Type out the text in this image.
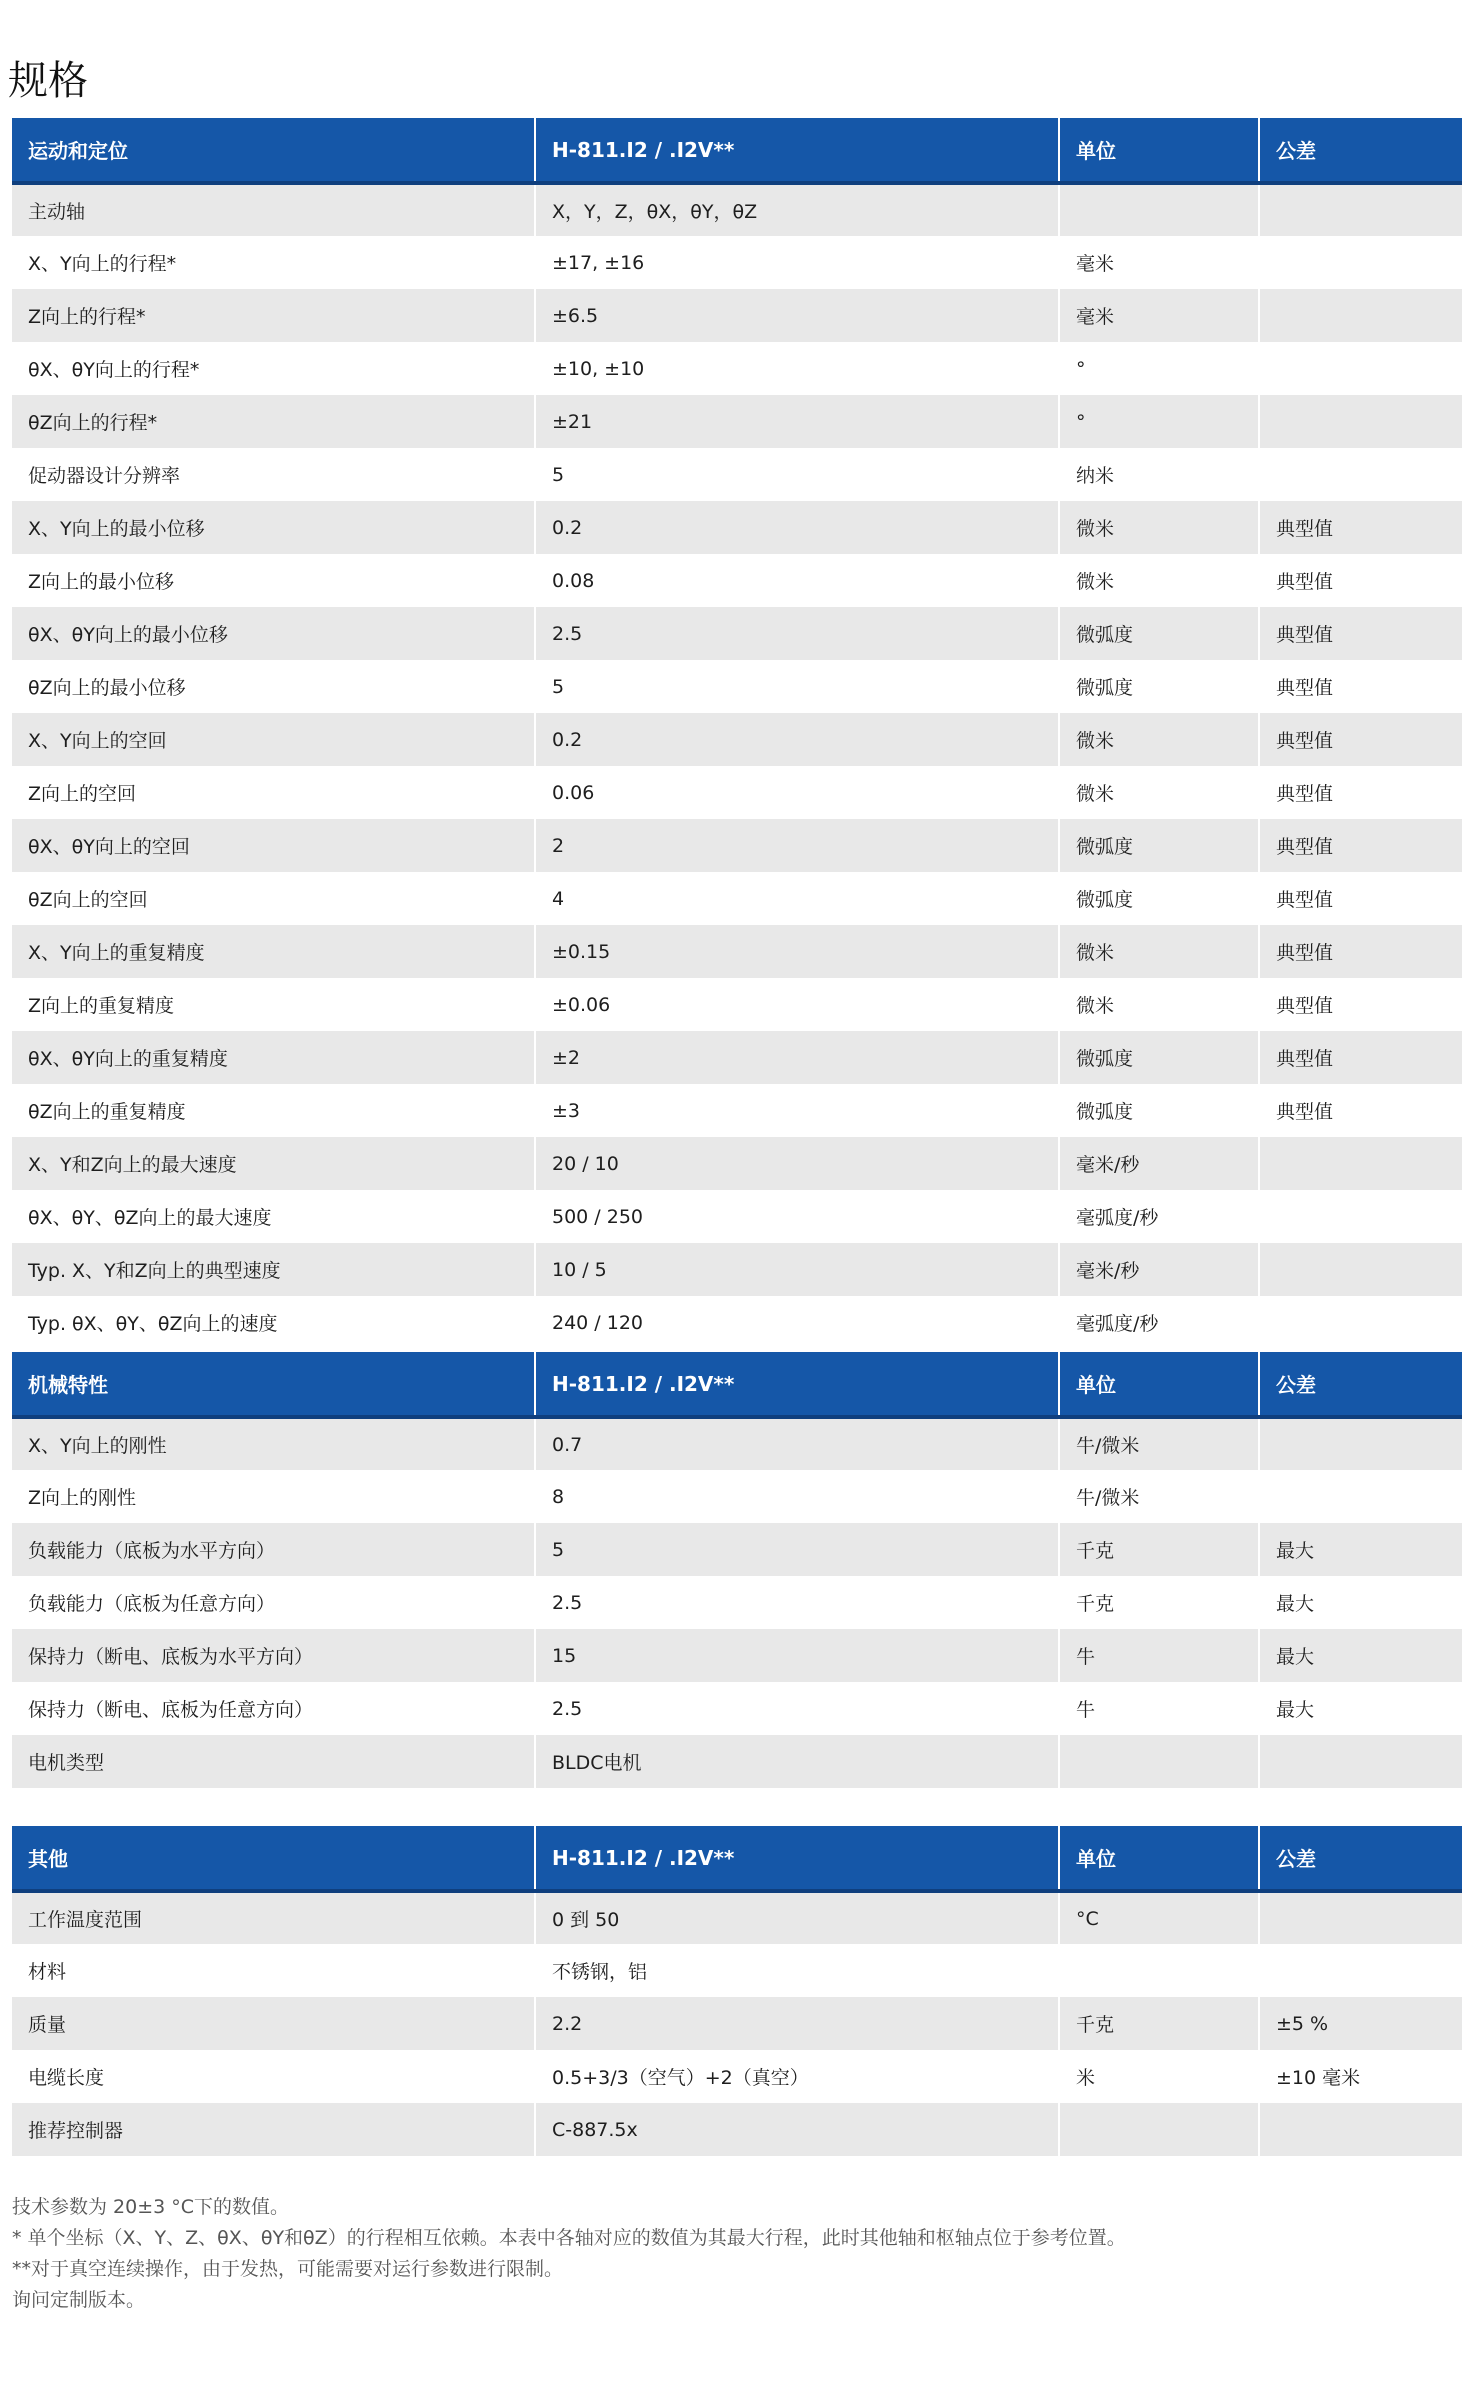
规格
运动和定位	H-811.I2 / .I2V**	单位	公差
主动轴	X，Y，Z，θX，θY，θZ		
X、Y向上的行程*	±17, ±16	毫米	
Z向上的行程*	±6.5	毫米	
θX、θY向上的行程*	±10, ±10	°	
θZ向上的行程*	±21	°	
促动器设计分辨率	5	纳米	
X、Y向上的最小位移	0.2	微米	典型值
Z向上的最小位移	0.08	微米	典型值
θX、θY向上的最小位移	2.5	微弧度	典型值
θZ向上的最小位移	5	微弧度	典型值
X、Y向上的空回	0.2	微米	典型值
Z向上的空回	0.06	微米	典型值
θX、θY向上的空回	2	微弧度	典型值
θZ向上的空回	4	微弧度	典型值
X、Y向上的重复精度	±0.15	微米	典型值
Z向上的重复精度	±0.06	微米	典型值
θX、θY向上的重复精度	±2	微弧度	典型值
θZ向上的重复精度	±3	微弧度	典型值
X、Y和Z向上的最大速度	20 / 10	毫米/秒	
θX、θY、θZ向上的最大速度	500 / 250	毫弧度/秒	
Typ. X、Y和Z向上的典型速度	10 / 5	毫米/秒	
Typ. θX、θY、θZ向上的速度	240 / 120	毫弧度/秒	
机械特性	H-811.I2 / .I2V**	单位	公差
X、Y向上的刚性	0.7	牛/微米	
Z向上的刚性	8	牛/微米	
负载能力（底板为水平方向）	5	千克	最大
负载能力（底板为任意方向）	2.5	千克	最大
保持力（断电、底板为水平方向）	15	牛	最大
保持力（断电、底板为任意方向）	2.5	牛	最大
电机类型	BLDC电机		
其他	H-811.I2 / .I2V**	单位	公差
工作温度范围	0 到 50	°C	
材料	不锈钢，铝		
质量	2.2	千克	±5 %
电缆长度	0.5+3/3（空气）+2（真空）	米	±10 毫米
推荐控制器	C-887.5x		

技术参数为 20±3 °C下的数值。

* 单个坐标（X、Y、Z、θX、θY和θZ）的行程相互依赖。本表中各轴对应的数值为其最大行程，此时其他轴和枢轴点位于参考位置。

**对于真空连续操作，由于发热，可能需要对运行参数进行限制。

询问定制版本。
